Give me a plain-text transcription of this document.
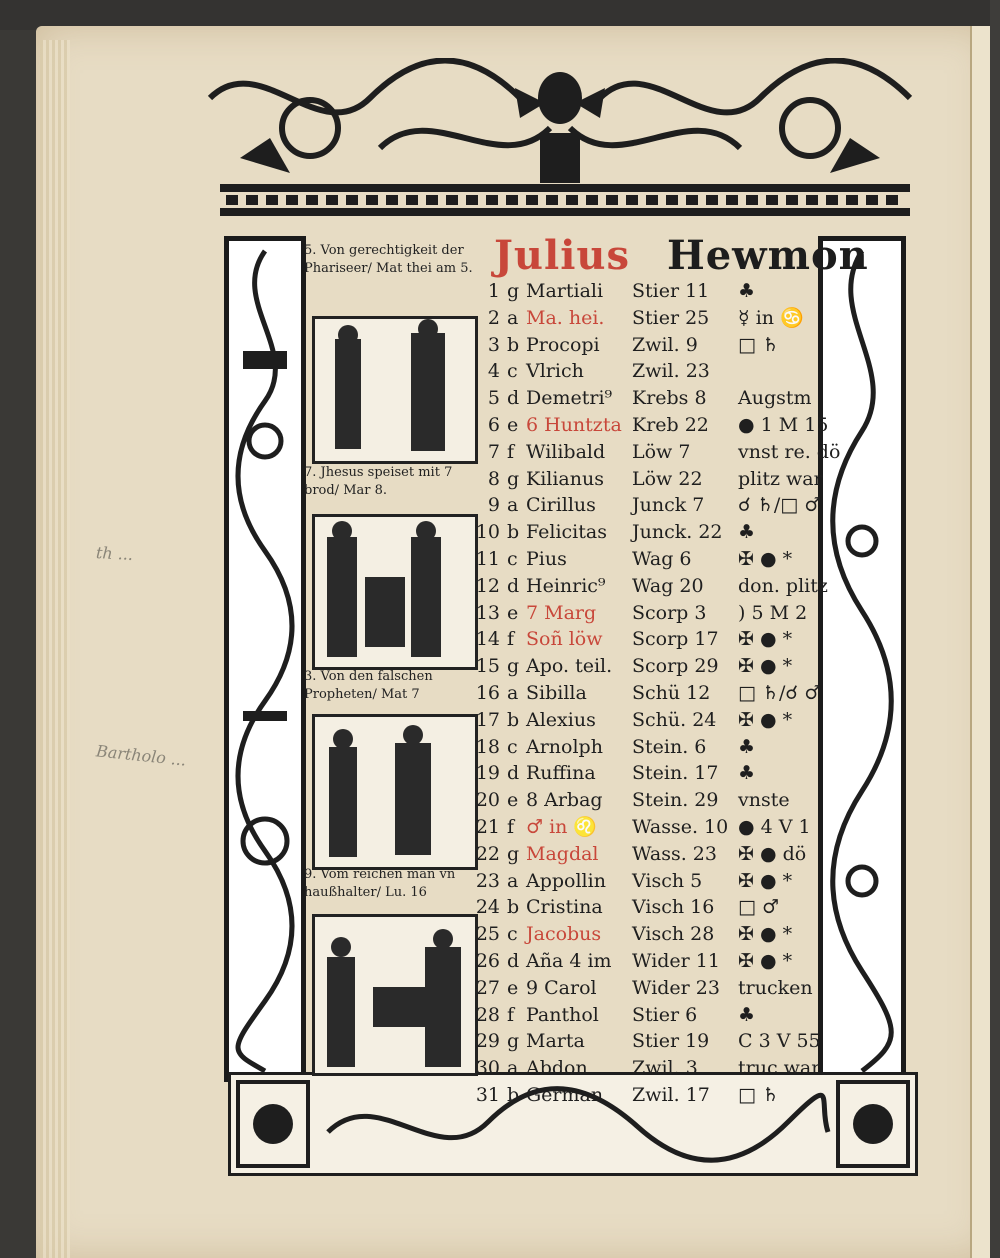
5. Von gerechtigkeit der Phariseer/ Mat thei am 5.
7. Jhesus speiset mit 7 brod/ Mar 8.
3. Von den falschen Propheten/ Mat 7
9. Vom reichen mañ vñ haußhalter/ Lu. 16
Julius Hewmon
1 g Martiali Stier 11 ♣
2 a Ma. hei. Stier 25 ☿ in ♋
3 b Procopi Zwil. 9 □ ♄
4 c Vlrich	Zwil. 23
5 d Demetri⁹ Krebs 8 Augstm
6 e 6 Huntzta Kreb 22 ● 1 M 15
7 f Wilibald Löw 7	vnst re. dö
8 g Kilianus Löw 22 plitz war
9 a Cirillus Junck 7 ☌ ♄/□ ♂
10 b Felicitas Junck. 22 ♣
11 c Pius	Wag 6 ✠ ● *
12 d Heinric⁹ Wag 20 don. plitz
13 e 7 Marg Scorp 3 ) 5 M 2
14 f Soñ löw Scorp 17 ✠ ● *
15 g Apo. teil. Scorp 29 ✠ ● *
16 a Sibilla Schü 12 □ ♄/☌ ♂
17 b Alexius Schü. 24 ✠ ● *
18 c Arnolph Stein. 6 ♣
19 d Ruffina Stein. 17 ♣
20 e 8 Arbag Stein. 29 vnste
21 f ♂ in ♌ Wasse. 10 ● 4 V 1
22 g Magdal Wass. 23 ✠ ● dö
23 a Appollin Visch 5 ✠ ● *
24 b Cristina Visch 16 □ ♂
25 c Jacobus Visch 28 ✠ ● *
26 d Aña 4 im Wider 11 ✠ ● *
27 e 9 Carol Wider 23 trucken
28 f Panthol Stier 6 ♣
29 g Marta Stier 19 C 3 V 55
30 a Abdon Zwil. 3 truc war
31 b German Zwil. 17 □ ♄
th ...
Bartholo ...
